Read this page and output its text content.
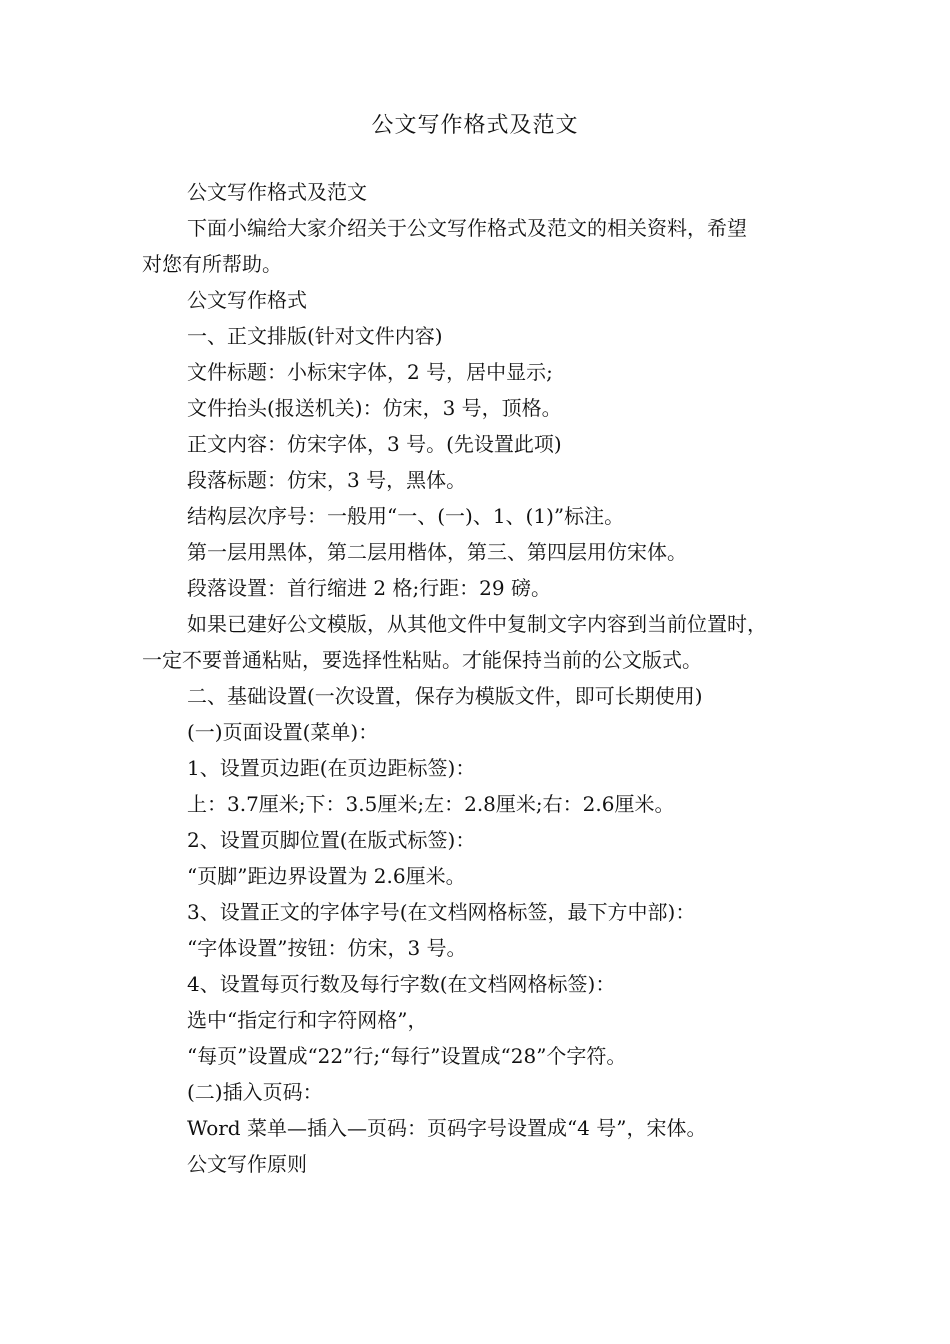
公文写作格式及范文
公文写作格式及范文
下面小编给大家介绍关于公文写作格式及范文的相关资料，希望
对您有所帮助。
公文写作格式
一、正文排版(针对文件内容)
文件标题：小标宋字体，2 号，居中显示;
文件抬头(报送机关)：仿宋，3 号，顶格。
正文内容：仿宋字体，3 号。(先设置此项)
段落标题：仿宋，3 号，黑体。
结构层次序号：一般用“一、(一)、1、(1)”标注。
第一层用黑体，第二层用楷体，第三、第四层用仿宋体。
段落设置：首行缩进 2 格;行距：29 磅。
如果已建好公文模版，从其他文件中复制文字内容到当前位置时，
一定不要普通粘贴，要选择性粘贴。才能保持当前的公文版式。
二、基础设置(一次设置，保存为模版文件，即可长期使用)
(一)页面设置(菜单)：
1、设置页边距(在页边距标签)：
上：3.7厘米;下：3.5厘米;左：2.8厘米;右：2.6厘米。
2、设置页脚位置(在版式标签)：
“页脚”距边界设置为 2.6厘米。
3、设置正文的字体字号(在文档网格标签，最下方中部)：
“字体设置”按钮：仿宋，3 号。
4、设置每页行数及每行字数(在文档网格标签)：
选中“指定行和字符网格”，
“每页”设置成“22”行;“每行”设置成“28”个字符。
(二)插入页码：
Word 菜单—插入—页码：页码字号设置成“4 号”，宋体。
公文写作原则
